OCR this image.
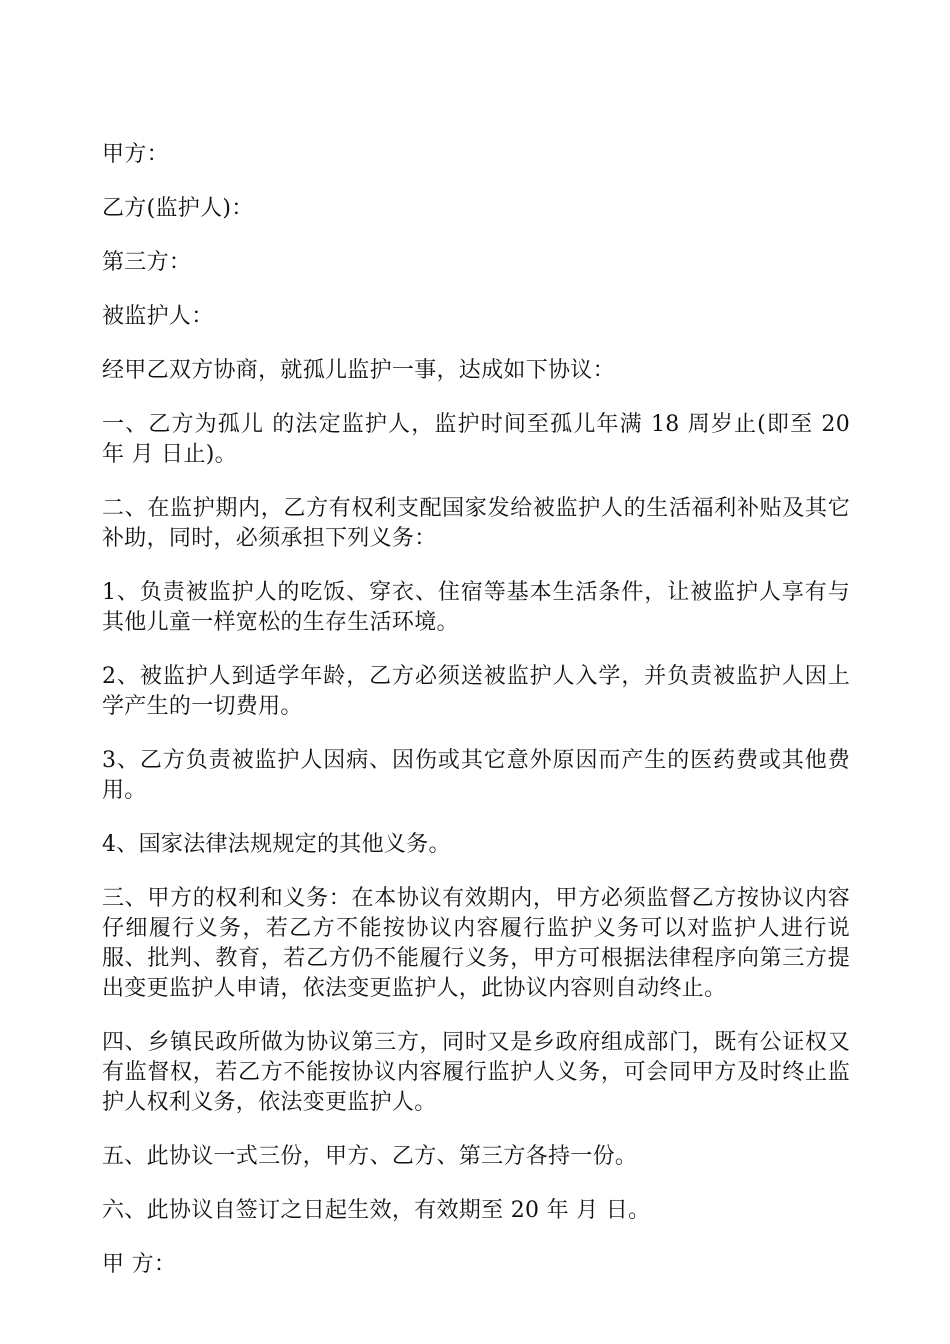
甲方：

乙方(监护人)：

第三方：

被监护人：

经甲乙双方协商，就孤儿监护一事，达成如下协议：

一、乙方为孤儿 的法定监护人，监护时间至孤儿年满 18 周岁止(即至 20 年 月 日止)。

二、在监护期内，乙方有权利支配国家发给被监护人的生活福利补贴及其它补助，同时，必须承担下列义务：

1、负责被监护人的吃饭、穿衣、住宿等基本生活条件，让被监护人享有与其他儿童一样宽松的生存生活环境。

2、被监护人到适学年龄，乙方必须送被监护人入学，并负责被监护人因上学产生的一切费用。

3、乙方负责被监护人因病、因伤或其它意外原因而产生的医药费或其他费用。

4、国家法律法规规定的其他义务。

三、甲方的权利和义务：在本协议有效期内，甲方必须监督乙方按协议内容仔细履行义务，若乙方不能按协议内容履行监护义务可以对监护人进行说服、批判、教育，若乙方仍不能履行义务，甲方可根据法律程序向第三方提出变更监护人申请，依法变更监护人，此协议内容则自动终止。

四、乡镇民政所做为协议第三方，同时又是乡政府组成部门，既有公证权又有监督权，若乙方不能按协议内容履行监护人义务，可会同甲方及时终止监护人权利义务，依法变更监护人。

五、此协议一式三份，甲方、乙方、第三方各持一份。

六、此协议自签订之日起生效，有效期至 20 年 月 日。

甲 方：
